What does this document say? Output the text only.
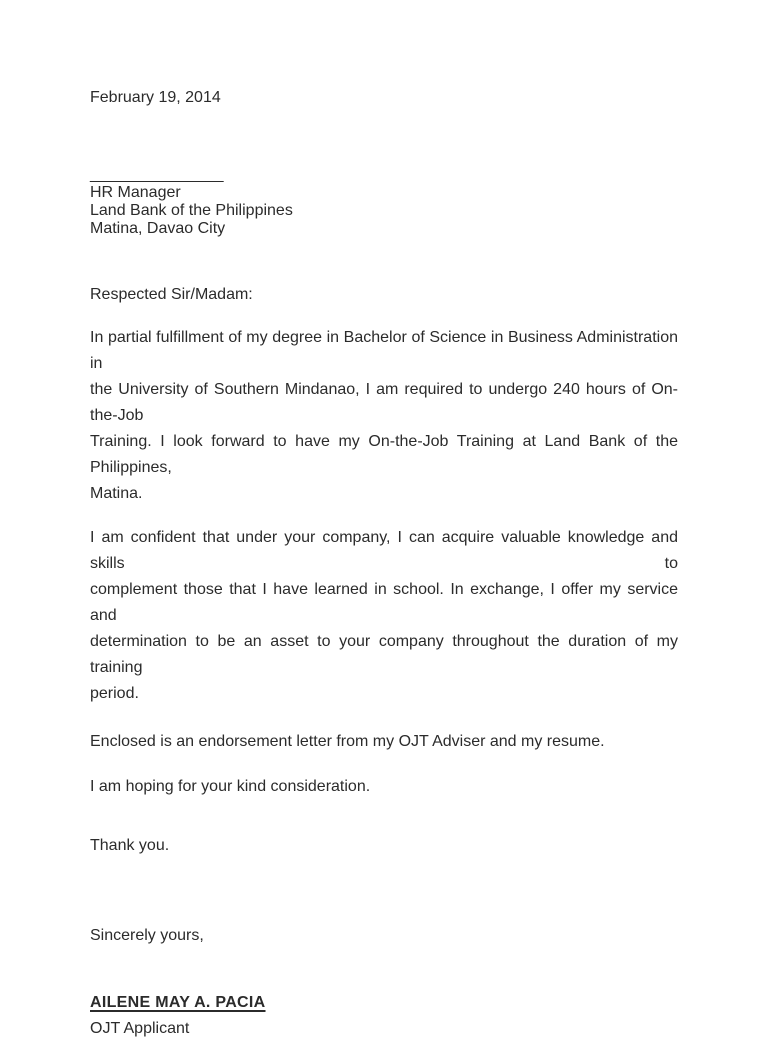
February 19, 2014
_______________
HR Manager
Land Bank of the Philippines
Matina, Davao City
Respected Sir/Madam:
In partial fulfillment of my degree in Bachelor of Science in Business Administration in
the University of Southern Mindanao, I am required to undergo 240 hours of On-the-Job
Training. I look forward to have my On-the-Job Training at Land Bank of the Philippines,
Matina.
I am confident that under your company, I can acquire valuable knowledge and skills to
complement those that I have learned in school. In exchange, I offer my service and
determination to be an asset to your company throughout the duration of my training
period.
Enclosed is an endorsement letter from my OJT Adviser and my resume.
I am hoping for your kind consideration.
Thank you.
Sincerely yours,
AILENE MAY A. PACIA
OJT Applicant
